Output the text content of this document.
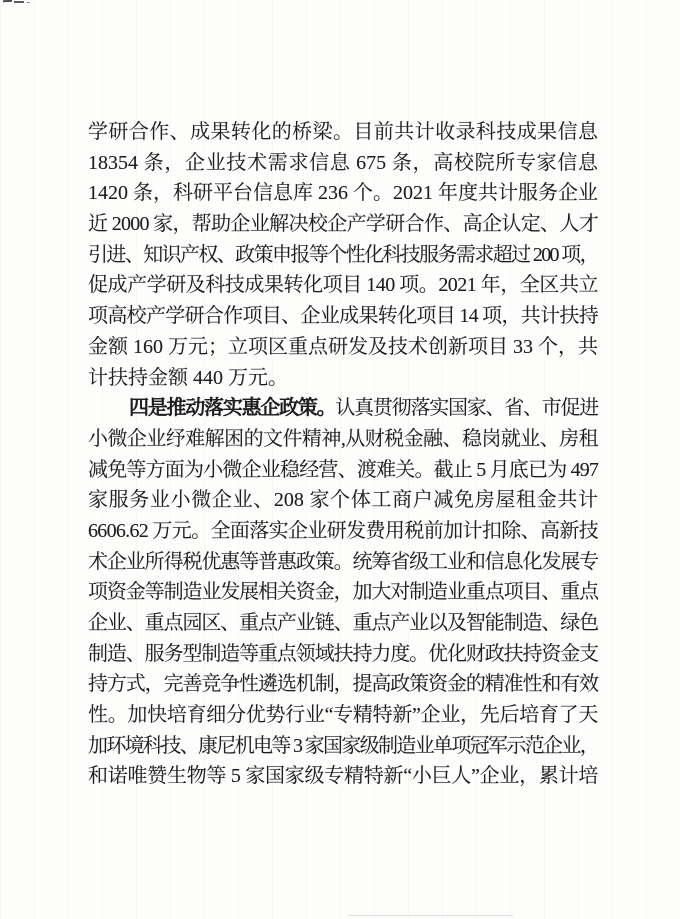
学研合作、成果转化的桥梁。目前共计收录科技成果信息
18354 条，企业技术需求信息 675 条，高校院所专家信息
1420 条，科研平台信息库 236 个。2021 年度共计服务企业
近 2000 家，帮助企业解决校企产学研合作、高企认定、人才
引进、知识产权、政策申报等个性化科技服务需求超过 200 项，
促成产学研及科技成果转化项目 140 项。2021 年，全区共立
项高校产学研合作项目、企业成果转化项目 14 项，共计扶持
金额 160 万元；立项区重点研发及技术创新项目 33 个，共
计扶持金额 440 万元。
四是推动落实惠企政策。认真贯彻落实国家、省、市促进
小微企业纾难解困的文件精神,从财税金融、稳岗就业、房租
减免等方面为小微企业稳经营、渡难关。截止 5 月底已为 497
家服务业小微企业、208 家个体工商户减免房屋租金共计
6606.62 万元。全面落实企业研发费用税前加计扣除、高新技
术企业所得税优惠等普惠政策。统筹省级工业和信息化发展专
项资金等制造业发展相关资金，加大对制造业重点项目、重点
企业、重点园区、重点产业链、重点产业以及智能制造、绿色
制造、服务型制造等重点领域扶持力度。优化财政扶持资金支
持方式，完善竞争性遴选机制，提高政策资金的精准性和有效
性。加快培育细分优势行业“专精特新”企业，先后培育了天
加环境科技、康尼机电等 3 家国家级制造业单项冠军示范企业，
和诺唯赞生物等 5 家国家级专精特新“小巨人”企业，累计培
